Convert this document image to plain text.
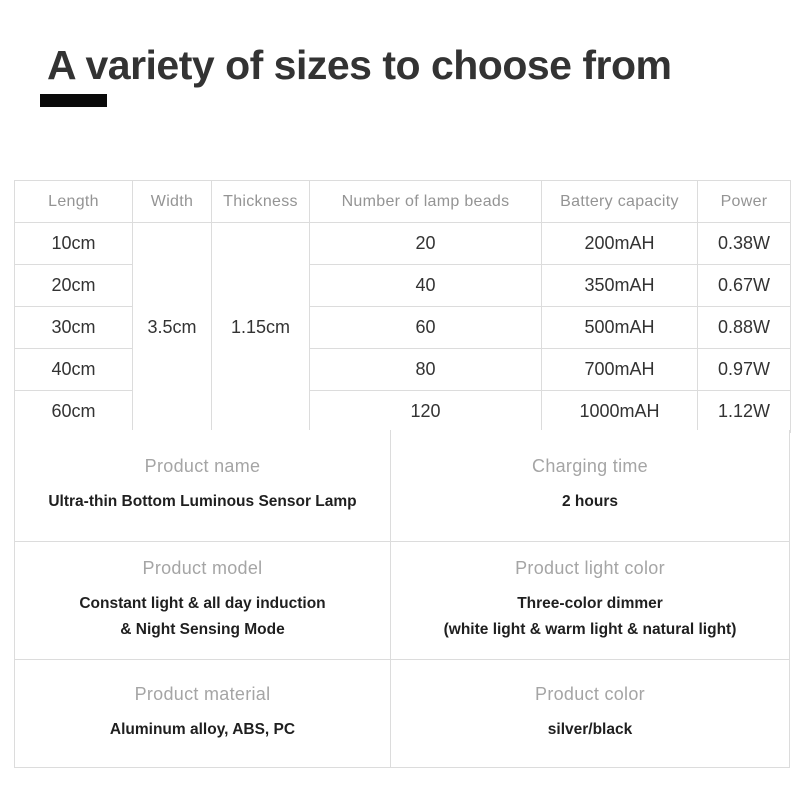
A variety of sizes to choose from
Length	Width	Thickness	Number of lamp beads	Battery capacity	Power
10cm	3.5cm	1.15cm	20	200mAH	0.38W
20cm			40	350mAH	0.67W
30cm			60	500mAH	0.88W
40cm			80	700mAH	0.97W
60cm			120	1000mAH	1.12W
Product name
Ultra-thin Bottom Luminous Sensor Lamp
Charging time
2 hours
Product model
Constant light & all day induction
& Night Sensing Mode
Product light color
Three-color dimmer
(white light & warm light & natural light)
Product material
Aluminum alloy, ABS, PC
Product color
silver/black
